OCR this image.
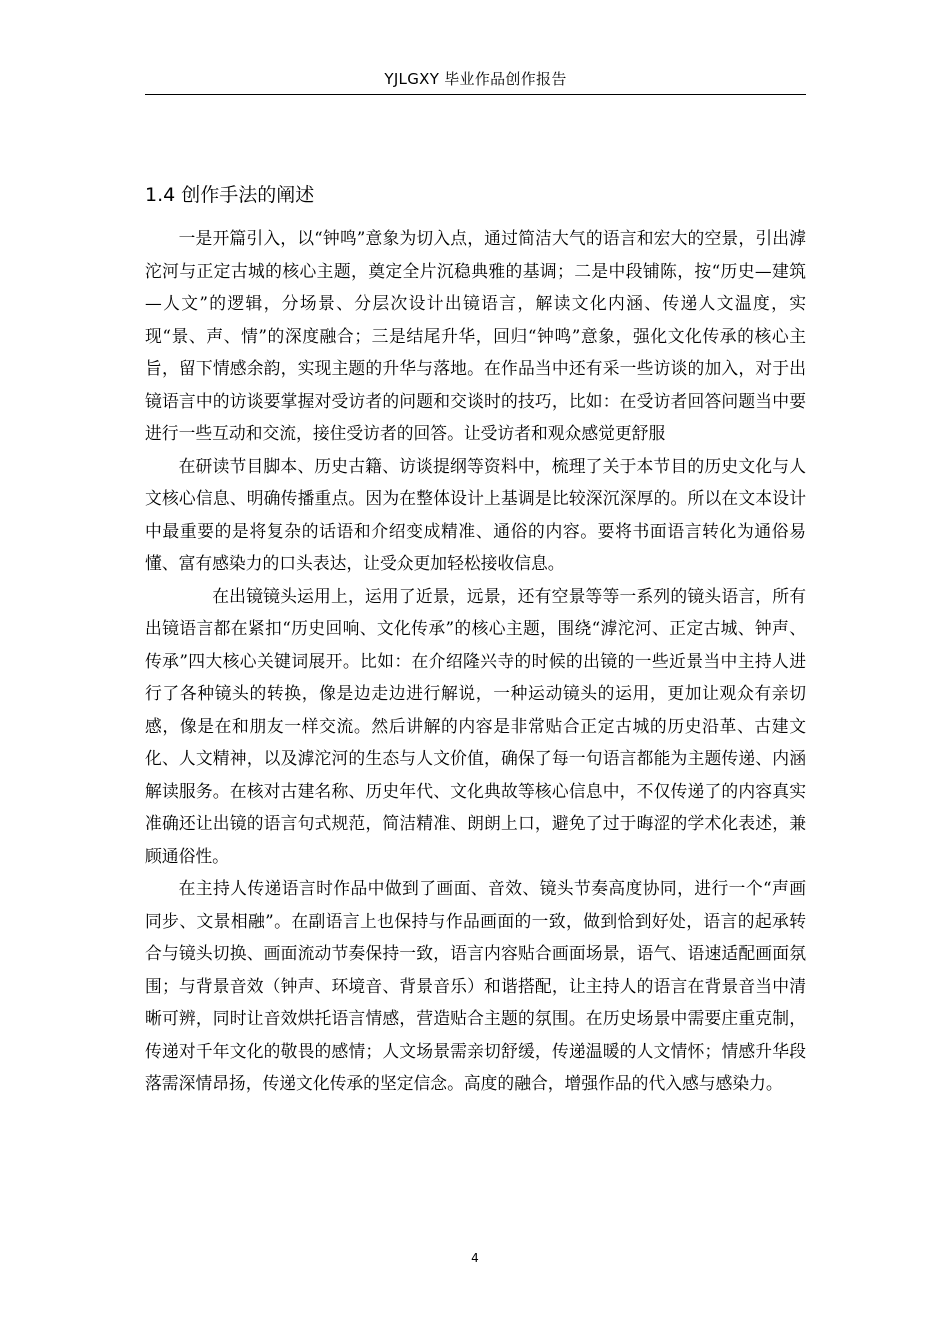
YJLGXY 毕业作品创作报告
1.4 创作手法的阐述

一是开篇引入，以“钟鸣”意象为切入点，通过简洁大气的语言和宏大的空景，引出滹沱河与正定古城的核心主题，奠定全片沉稳典雅的基调；二是中段铺陈，按“历史—建筑—人文”的逻辑，分场景、分层次设计出镜语言，解读文化内涵、传递人文温度，实现“景、声、情”的深度融合；三是结尾升华，回归“钟鸣”意象，强化文化传承的核心主旨，留下情感余韵，实现主题的升华与落地。在作品当中还有采一些访谈的加入，对于出镜语言中的访谈要掌握对受访者的问题和交谈时的技巧，比如：在受访者回答问题当中要进行一些互动和交流，接住受访者的回答。让受访者和观众感觉更舒服

在研读节目脚本、历史古籍、访谈提纲等资料中，梳理了关于本节目的历史文化与人文核心信息、明确传播重点。因为在整体设计上基调是比较深沉深厚的。所以在文本设计中最重要的是将复杂的话语和介绍变成精准、通俗的内容。要将书面语言转化为通俗易懂、富有感染力的口头表达，让受众更加轻松接收信息。

在出镜镜头运用上，运用了近景，远景，还有空景等等一系列的镜头语言，所有出镜语言都在紧扣“历史回响、文化传承”的核心主题，围绕“滹沱河、正定古城、钟声、传承”四大核心关键词展开。比如：在介绍隆兴寺的时候的出镜的一些近景当中主持人进行了各种镜头的转换，像是边走边进行解说，一种运动镜头的运用，更加让观众有亲切感，像是在和朋友一样交流。然后讲解的内容是非常贴合正定古城的历史沿革、古建文化、人文精神，以及滹沱河的生态与人文价值，确保了每一句语言都能为主题传递、内涵解读服务。在核对古建名称、历史年代、文化典故等核心信息中，不仅传递了的内容真实准确还让出镜的语言句式规范，简洁精准、朗朗上口，避免了过于晦涩的学术化表述，兼顾通俗性。

在主持人传递语言时作品中做到了画面、音效、镜头节奏高度协同，进行一个“声画同步、文景相融”。在副语言上也保持与作品画面的一致，做到恰到好处，语言的起承转合与镜头切换、画面流动节奏保持一致，语言内容贴合画面场景，语气、语速适配画面氛围；与背景音效（钟声、环境音、背景音乐）和谐搭配，让主持人的语言在背景音当中清晰可辨，同时让音效烘托语言情感，营造贴合主题的氛围。在历史场景中需要庄重克制，传递对千年文化的敬畏的感情；人文场景需亲切舒缓，传递温暖的人文情怀；情感升华段落需深情昂扬，传递文化传承的坚定信念。高度的融合，增强作品的代入感与感染力。

4
